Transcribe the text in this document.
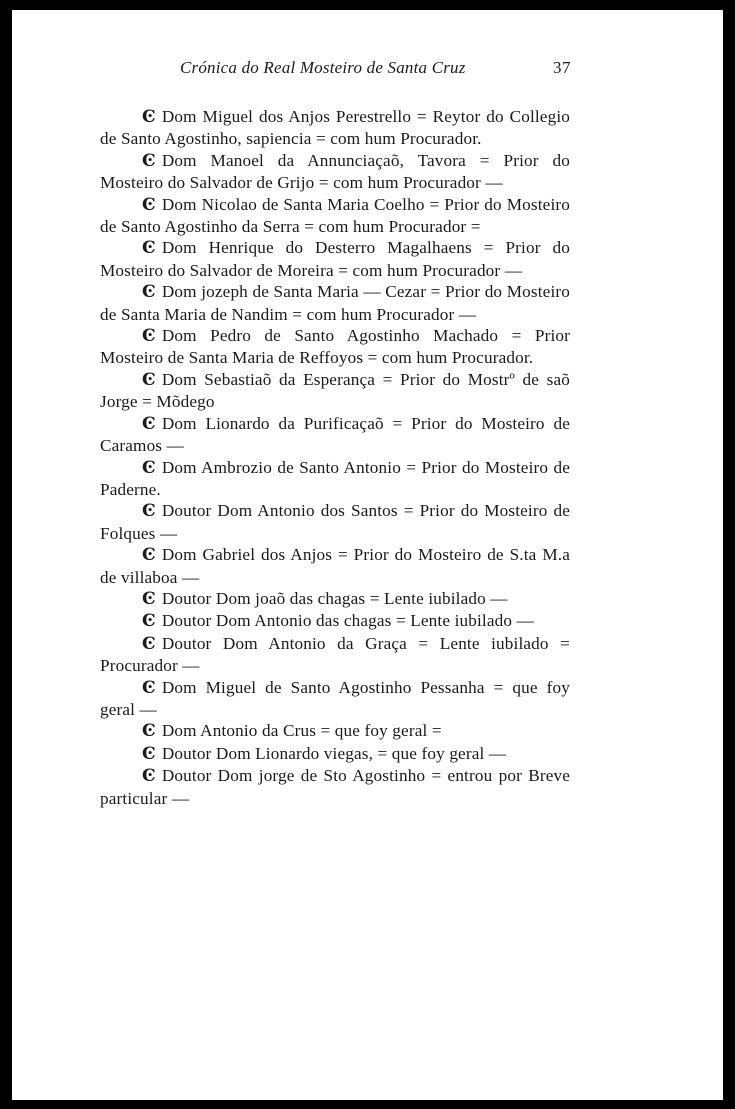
Crónica do Real Mosteiro de Santa Cruz	37

Ͼ Dom Miguel dos Anjos Perestrello = Reytor do Collegio de Santo Agostinho, sapiencia = com hum Procurador.

Ͼ Dom Manoel da Annunciaçaõ, Tavora = Prior do Mosteiro do Salvador de Grijo = com hum Procurador —

Ͼ Dom Nicolao de Santa Maria Coelho = Prior do Mosteiro de Santo Agostinho da Serra = com hum Procurador =

Ͼ Dom Henrique do Desterro Magalhaens = Prior do Mosteiro do Salvador de Moreira = com hum Procurador —

Ͼ Dom jozeph de Santa Maria — Cezar = Prior do Mosteiro de Santa Maria de Nandim = com hum Procurador —

Ͼ Dom Pedro de Santo Agostinho Machado = Prior Mosteiro de Santa Maria de Reffoyos = com hum Procurador.

Ͼ Dom Sebastiaõ da Esperança = Prior do Mostrº de saõ Jorge = Mõdego

Ͼ Dom Lionardo da Purificaçaõ = Prior do Mosteiro de Caramos —

Ͼ Dom Ambrozio de Santo Antonio = Prior do Mosteiro de Paderne.

Ͼ Doutor Dom Antonio dos Santos = Prior do Mosteiro de Folques —

Ͼ Dom Gabriel dos Anjos = Prior do Mosteiro de S.ta M.a de villaboa —

Ͼ Doutor Dom joaõ das chagas = Lente iubilado —

Ͼ Doutor Dom Antonio das chagas = Lente iubilado —

Ͼ Doutor Dom Antonio da Graça = Lente iubilado = Procurador —

Ͼ Dom Miguel de Santo Agostinho Pessanha = que foy geral —

Ͼ Dom Antonio da Crus = que foy geral =

Ͼ Doutor Dom Lionardo viegas, = que foy geral —

Ͼ Doutor Dom jorge de Sto Agostinho = entrou por Breve particular —
